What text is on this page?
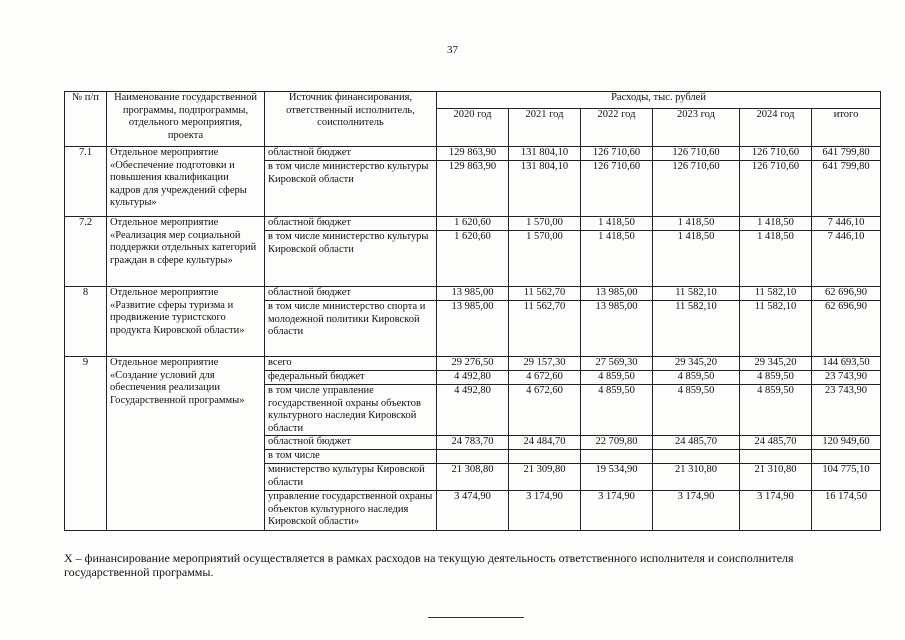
37
№ п/п	Наименование государственной программы, подпрограммы, отдельного мероприятия, проекта	Источник финансирования, ответственный исполнитель, соисполнитель	Расходы, тыс. рублей					
			2020 год	2021 год	2022 год	2023 год	2024 год	итого
7.1	Отдельное мероприятие «Обеспечение подготовки и повышения квалификации кадров для учреждений сферы культуры»	областной бюджет	129 863,90	131 804,10	126 710,60	126 710,60	126 710,60	641 799,80
		в том числе министерство культуры Кировской области	129 863,90	131 804,10	126 710,60	126 710,60	126 710,60	641 799,80
7.2	Отдельное мероприятие «Реализация мер социальной поддержки отдельных категорий граждан в сфере культуры»	областной бюджет	1 620,60	1 570,00	1 418,50	1 418,50	1 418,50	7 446,10
		в том числе министерство культуры Кировской области	1 620,60	1 570,00	1 418,50	1 418,50	1 418,50	7 446,10
8	Отдельное мероприятие «Развитие сферы туризма и продвижение туристского продукта Кировской области»	областной бюджет	13 985,00	11 562,70	13 985,00	11 582,10	11 582,10	62 696,90
		в том числе министерство спорта и молодежной политики Кировской области	13 985,00	11 562,70	13 985,00	11 582,10	11 582,10	62 696,90
9	Отдельное мероприятие «Создание условий для обеспечения реализации Государственной программы»	всего	29 276,50	29 157,30	27 569,30	29 345,20	29 345,20	144 693,50
		федеральный бюджет	4 492,80	4 672,60	4 859,50	4 859,50	4 859,50	23 743,90
		в том числе управление государственной охраны объектов культурного наследия Кировской области	4 492,80	4 672,60	4 859,50	4 859,50	4 859,50	23 743,90
		областной бюджет	24 783,70	24 484,70	22 709,80	24 485,70	24 485,70	120 949,60
		в том числе						
		министерство культуры Кировской области	21 308,80	21 309,80	19 534,90	21 310,80	21 310,80	104 775,10
		управление государственной охраны объектов культурного наследия Кировской области»	3 474,90	3 174,90	3 174,90	3 174,90	3 174,90	16 174,50
Х – финансирование мероприятий осуществляется в рамках расходов на текущую деятельность ответственного исполнителя и соисполнителя государственной программы.
